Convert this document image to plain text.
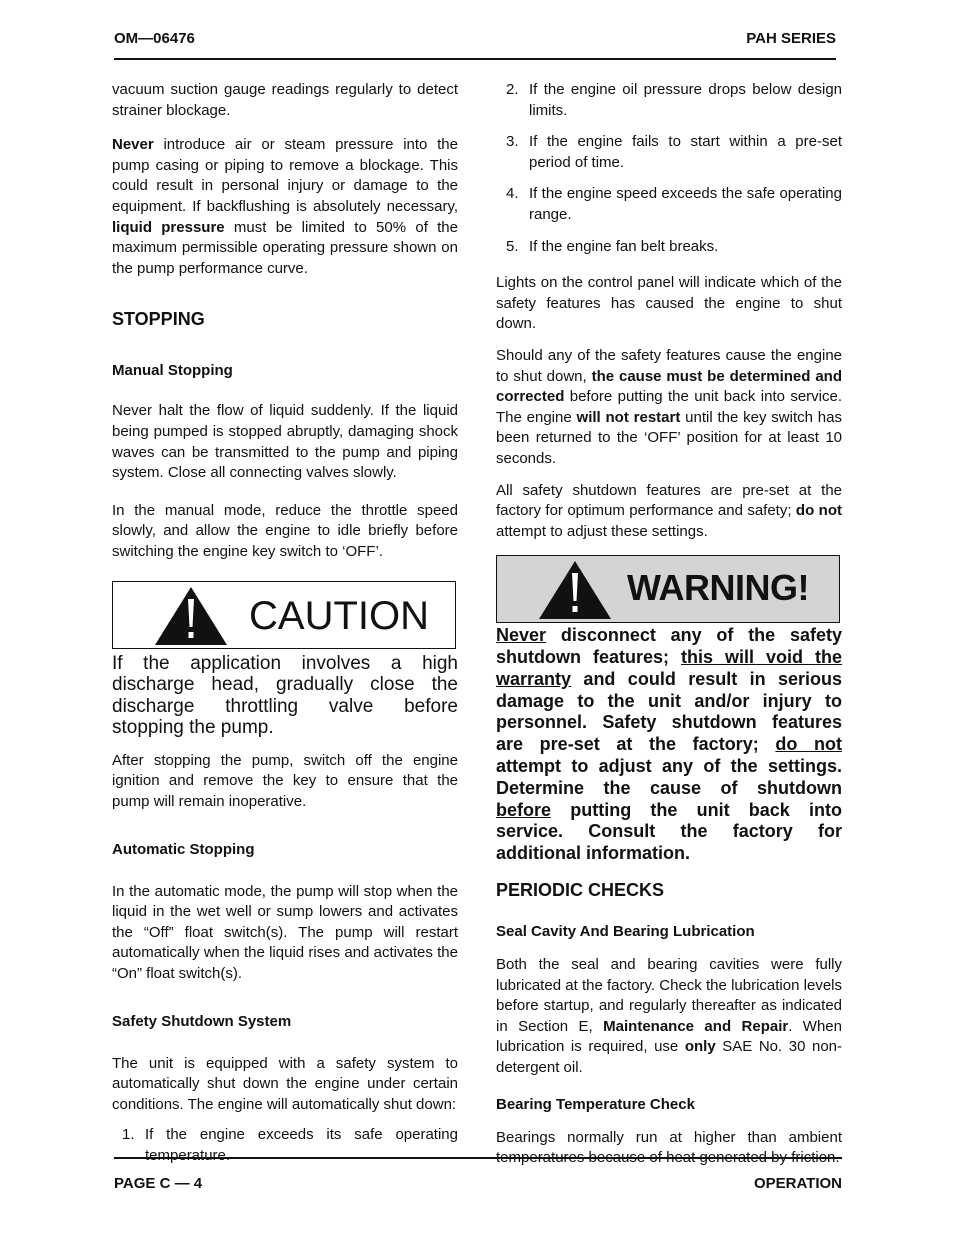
OM—06476	PAH SERIES

vacuum suction gauge readings regularly to detect strainer blockage.

Never introduce air or steam pressure into the pump casing or piping to remove a blockage. This could result in personal injury or damage to the equipment. If backflushing is absolutely necessary, liquid pressure must be limited to 50% of the maximum permissible operating pressure shown on the pump performance curve.

STOPPING
Manual Stopping

Never halt the flow of liquid suddenly. If the liquid being pumped is stopped abruptly, damaging shock waves can be transmitted to the pump and piping system. Close all connecting valves slowly.

In the manual mode, reduce the throttle speed slowly, and allow the engine to idle briefly before switching the engine key switch to ‘OFF’.

CAUTION

If the application involves a high discharge head, gradually close the discharge throttling valve before stopping the pump.

After stopping the pump, switch off the engine ignition and remove the key to ensure that the pump will remain inoperative.

Automatic Stopping

In the automatic mode, the pump will stop when the liquid in the wet well or sump lowers and activates the “Off” float switch(s). The pump will restart automatically when the liquid rises and activates the “On” float switch(s).

Safety Shutdown System

The unit is equipped with a safety system to automatically shut down the engine under certain conditions. The engine will automatically shut down:

1. If the engine exceeds its safe operating temperature.
2. If the engine oil pressure drops below design limits.
3. If the engine fails to start within a pre-set period of time.
4. If the engine speed exceeds the safe operating range.
5. If the engine fan belt breaks.

Lights on the control panel will indicate which of the safety features has caused the engine to shut down.

Should any of the safety features cause the engine to shut down, the cause must be determined and corrected before putting the unit back into service. The engine will not restart until the key switch has been returned to the ‘OFF’ position for at least 10 seconds.

All safety shutdown features are pre-set at the factory for optimum performance and safety; do not attempt to adjust these settings.

WARNING!

Never disconnect any of the safety shutdown features; this will void the warranty and could result in serious damage to the unit and/or injury to personnel. Safety shutdown features are pre-set at the factory; do not attempt to adjust any of the settings. Determine the cause of shutdown before putting the unit back into service. Consult the factory for additional information.

PERIODIC CHECKS
Seal Cavity And Bearing Lubrication

Both the seal and bearing cavities were fully lubricated at the factory. Check the lubrication levels before startup, and regularly thereafter as indicated in Section E, Maintenance and Repair. When lubrication is required, use only SAE No. 30 non-detergent oil.

Bearing Temperature Check

Bearings normally run at higher than ambient temperatures because of heat generated by friction.

PAGE C — 4	OPERATION
